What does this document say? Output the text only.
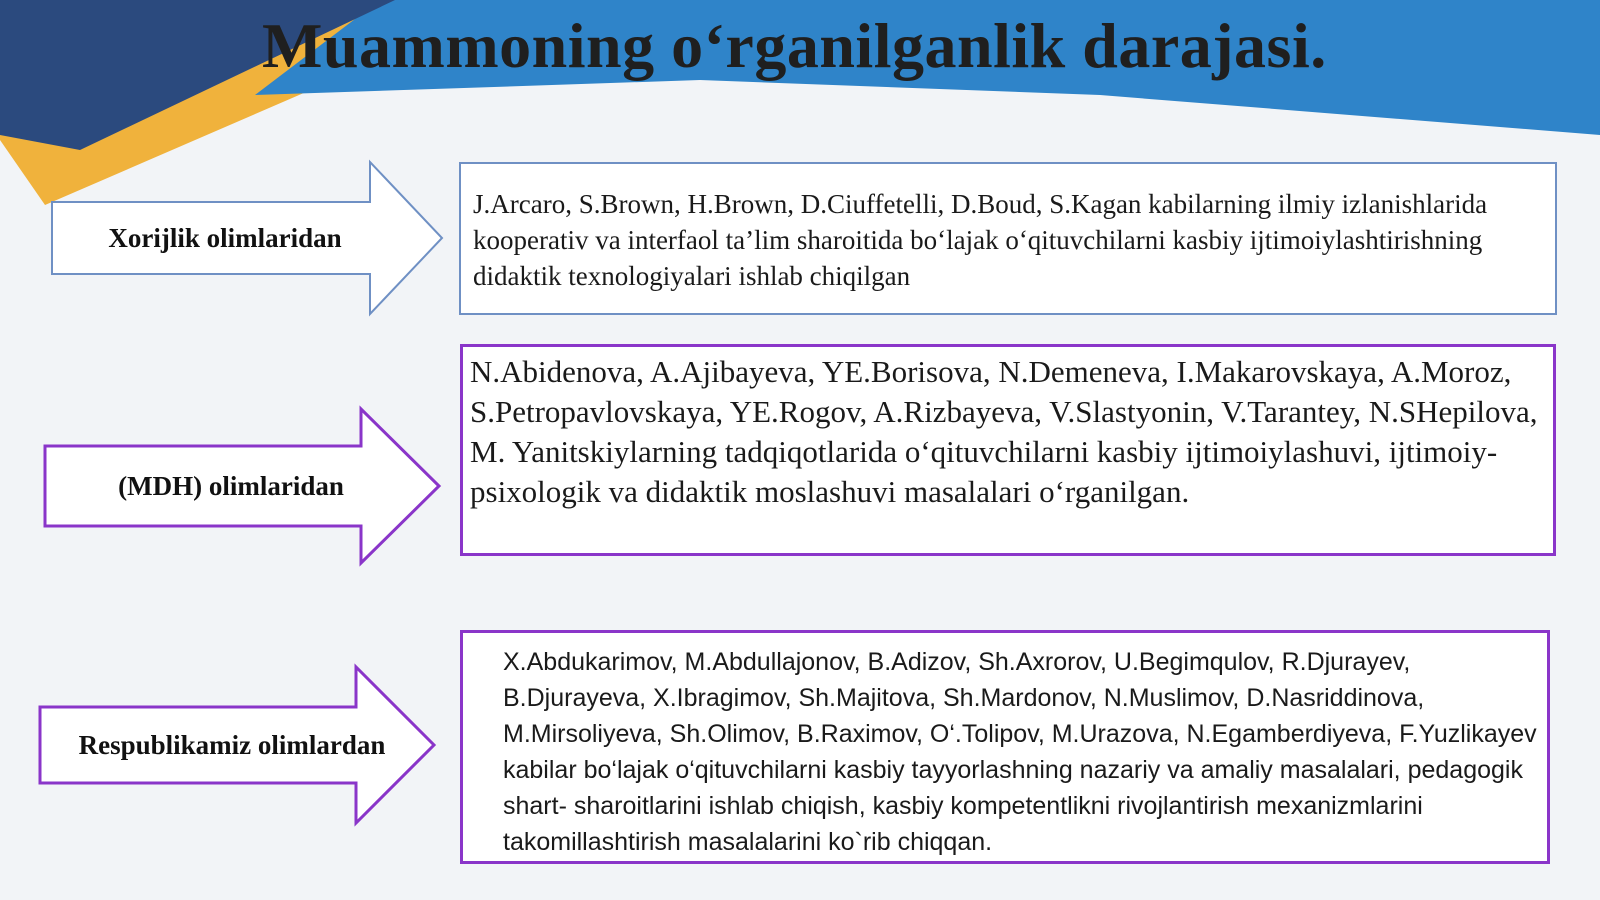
Muammoning o‘rganilganlik darajasi.
Xorijlik olimlaridan
J.Arcaro, S.Brown, H.Brown, D.Ciuffetelli, D.Boud, S.Kagan kabilarning ilmiy izlanishlarida kooperativ va interfaol ta’lim sharoitida bo‘lajak o‘qituvchilarni kasbiy ijtimoiylashtirishning didaktik texnologiyalari ishlab chiqilgan
(MDH) olimlaridan
N.Abidenova, A.Ajibayeva, YE.Borisova, N.Demeneva, I.Makarovskaya, A.Moroz, S.Petropavlovskaya, YE.Rogov, A.Rizbayeva, V.Slastyonin, V.Tarantey, N.SHepilova, M. Yanitskiylarning tadqiqotlarida o‘qituvchilarni kasbiy ijtimoiylashuvi, ijtimoiy-psixologik va didaktik moslashuvi masalalari o‘rganilgan.
Respublikamiz olimlardan
X.Abdukarimov, M.Abdullajonov, B.Adizov, Sh.Axrorov, U.Begimqulov, R.Djurayev, B.Djurayeva, X.Ibragimov, Sh.Majitova, Sh.Mardonov, N.Muslimov, D.Nasriddinova, M.Mirsoliyeva, Sh.Olimov, B.Raximov, O‘.Tolipov, M.Urazova, N.Egamberdiyeva, F.Yuzlikayev kabilar bo‘lajak o‘qituvchilarni kasbiy tayyorlashning nazariy va amaliy masalalari, pedagogik shart- sharoitlarini ishlab chiqish, kasbiy kompetentlikni rivojlantirish mexanizmlarini takomillashtirish masalalarini ko`rib chiqqan.
